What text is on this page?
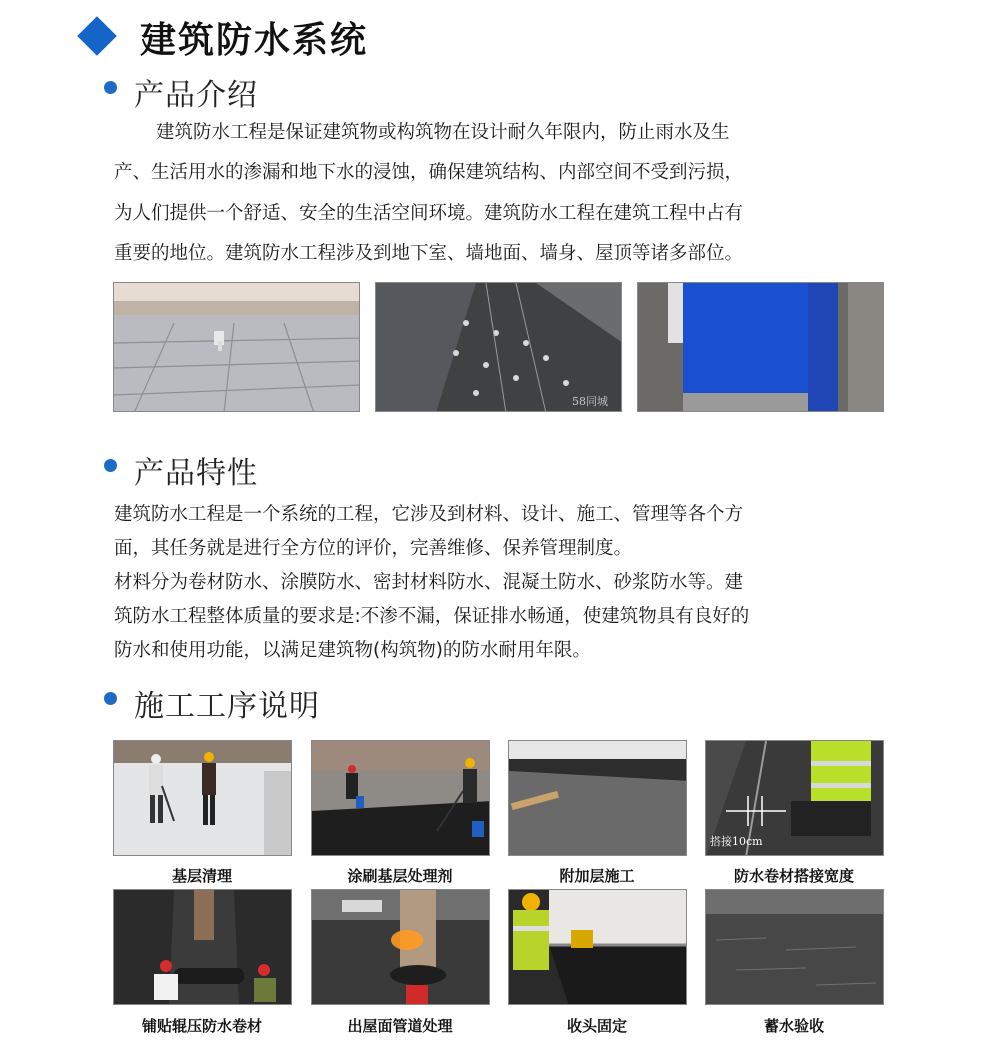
建筑防水系统
产品介绍
建筑防水工程是保证建筑物或构筑物在设计耐久年限内，防止雨水及生
产、生活用水的渗漏和地下水的浸蚀，确保建筑结构、内部空间不受到污损，
为人们提供一个舒适、安全的生活空间环境。建筑防水工程在建筑工程中占有
重要的地位。建筑防水工程涉及到地下室、墙地面、墙身、屋顶等诸多部位。
58同城
产品特性
建筑防水工程是一个系统的工程，它涉及到材料、设计、施工、管理等各个方
面，其任务就是进行全方位的评价，完善维修、保养管理制度。
材料分为卷材防水、涂膜防水、密封材料防水、混凝土防水、砂浆防水等。建
筑防水工程整体质量的要求是:不渗不漏，保证排水畅通，使建筑物具有良好的
防水和使用功能，以满足建筑物(构筑物)的防水耐用年限。
施工工序说明
搭接10cm
基层清理	涂刷基层处理剂	附加层施工	防水卷材搭接宽度
铺贴辊压防水卷材	出屋面管道处理	收头固定	蓄水验收
